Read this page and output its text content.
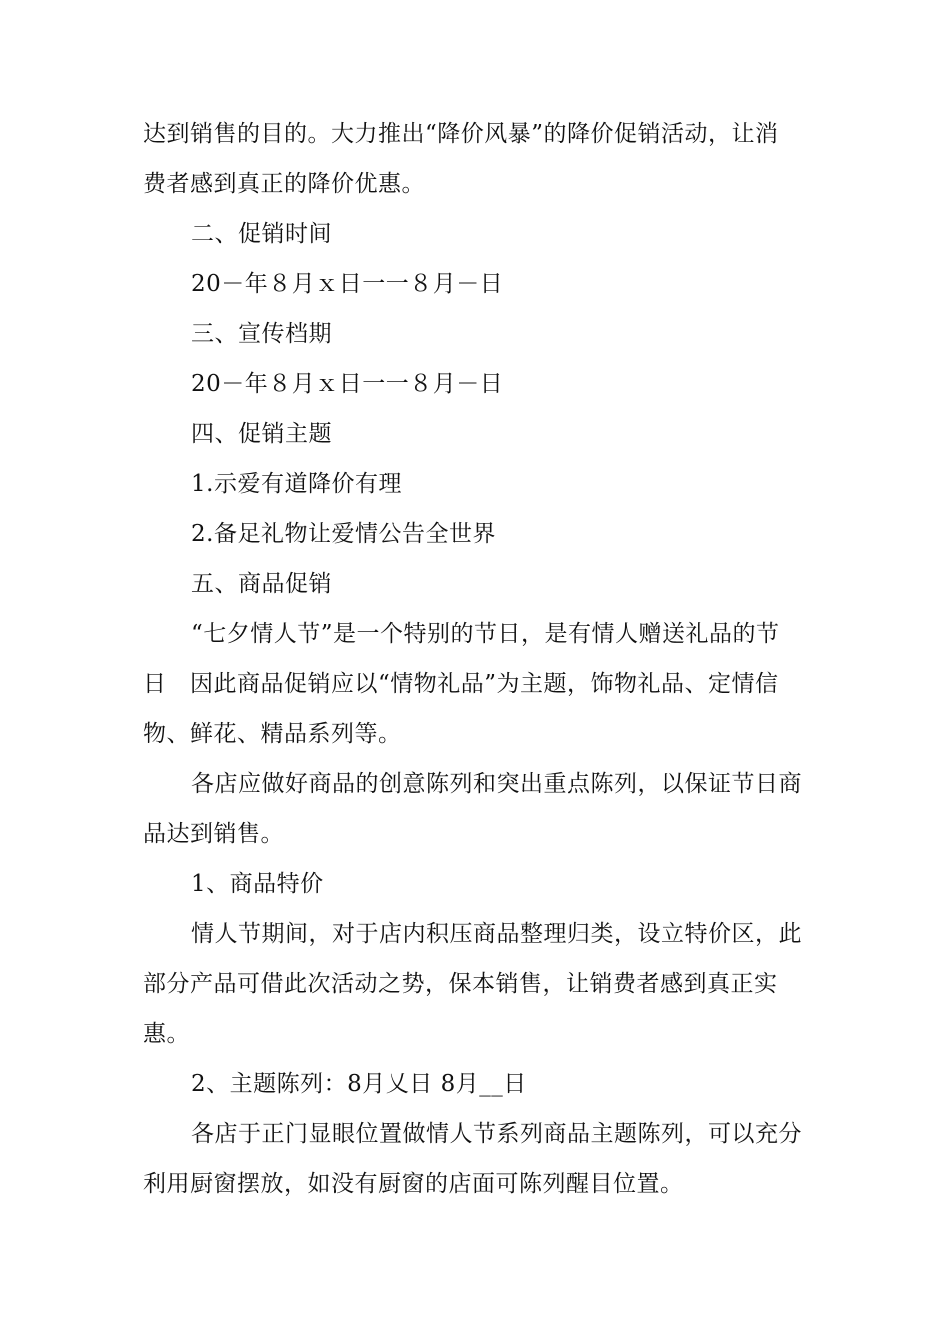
达到销售的目的。大力推出“降价风暴”的降价促销活动，让消
费者感到真正的降价优惠。
二、促销时间
20－年８月ｘ日一一８月－日
三、宣传档期
20－年８月ｘ日一一８月－日
四、促销主题
1.示爱有道降价有理
2.备足礼物让爱情公告全世界
五、商品促销
“七夕情人节”是一个特别的节日，是有情人赠送礼品的节
日　因此商品促销应以“情物礼品”为主题，饰物礼品、定情信
物、鲜花、精品系列等。
各店应做好商品的创意陈列和突出重点陈列，以保证节日商
品达到销售。
1、商品特价
情人节期间，对于店内积压商品整理归类，设立特价区，此
部分产品可借此次活动之势，保本销售，让销费者感到真正实
惠。
2、主题陈列：8月乂日 8月__日
各店于正门显眼位置做情人节系列商品主题陈列，可以充分
利用厨窗摆放，如没有厨窗的店面可陈列醒目位置。
